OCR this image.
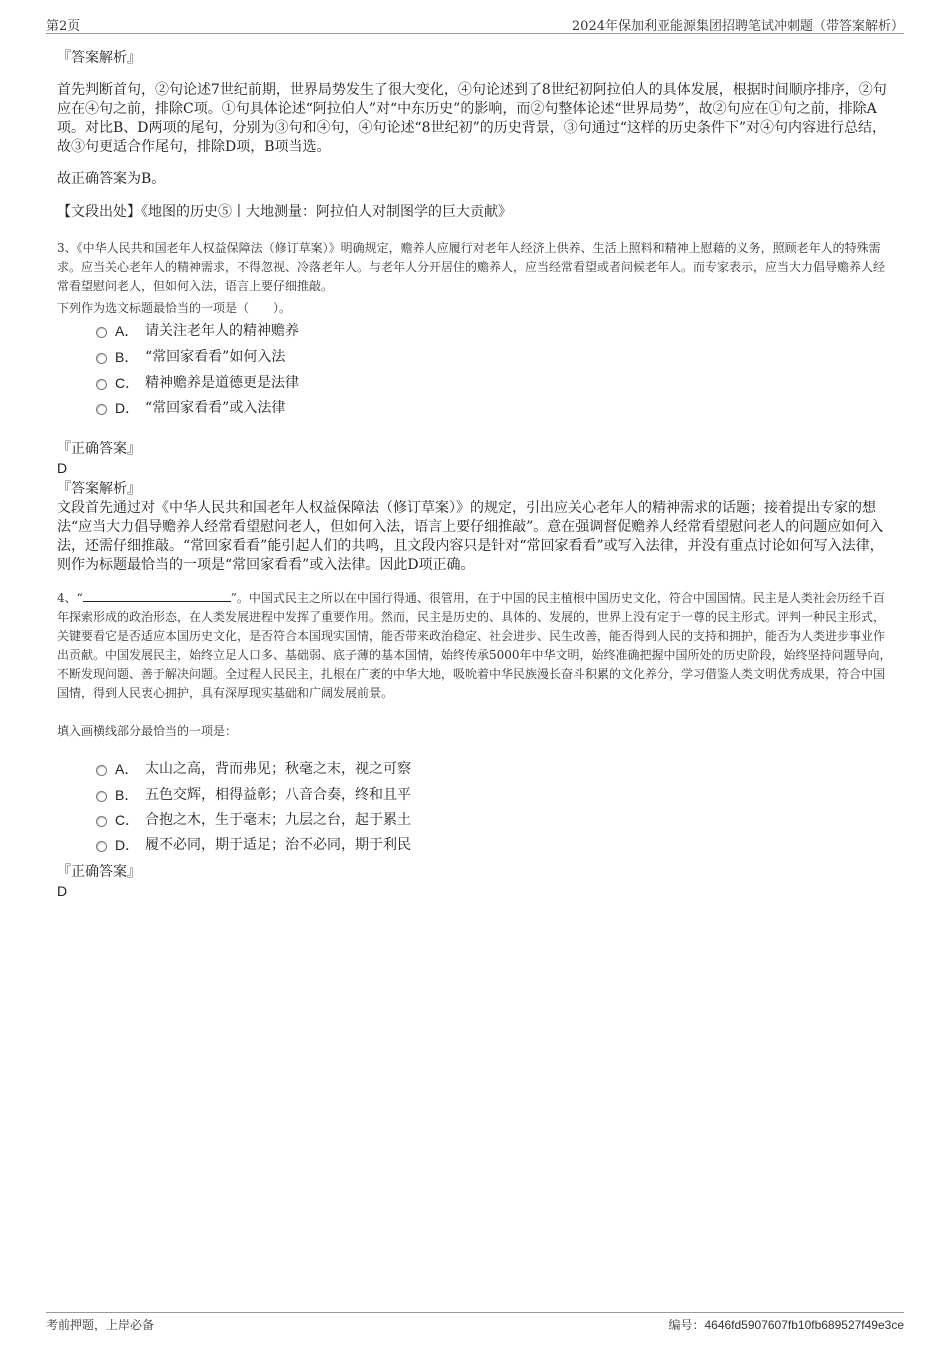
第2页	2024年保加利亚能源集团招聘笔试冲刺题（带答案解析）
『答案解析』
首先判断首句，②句论述7世纪前期，世界局势发生了很大变化，④句论述到了8世纪初阿拉伯人的具体发展，根据时间顺序排序，②句应在④句之前，排除C项。①句具体论述“阿拉伯人”对“中东历史”的影响，而②句整体论述“世界局势”，故②句应在①句之前，排除A项。对比B、D两项的尾句，分别为③句和④句，④句论述“8世纪初”的历史背景，③句通过“这样的历史条件下”对④句内容进行总结，故③句更适合作尾句，排除D项，B项当选。
故正确答案为B。
【文段出处】《地图的历史⑤丨大地测量：阿拉伯人对制图学的巨大贡献》
3、《中华人民共和国老年人权益保障法（修订草案）》明确规定，赡养人应履行对老年人经济上供养、生活上照料和精神上慰藉的义务，照顾老年人的特殊需求。应当关心老年人的精神需求，不得忽视、冷落老年人。与老年人分开居住的赡养人，应当经常看望或者问候老年人。而专家表示，应当大力倡导赡养人经常看望慰问老人，但如何入法，语言上要仔细推敲。
下列作为选文标题最恰当的一项是（　　）。
A． 请关注老年人的精神赡养
B． “常回家看看”如何入法
C． 精神赡养是道德更是法律
D． “常回家看看”或入法律
『正确答案』
D
『答案解析』
文段首先通过对《中华人民共和国老年人权益保障法（修订草案）》的规定，引出应关心老年人的精神需求的话题；接着提出专家的想法“应当大力倡导赡养人经常看望慰问老人，但如何入法，语言上要仔细推敲”。意在强调督促赡养人经常看望慰问老人的问题应如何入法，还需仔细推敲。“常回家看看”能引起人们的共鸣，且文段内容只是针对“常回家看看”或写入法律，并没有重点讨论如何写入法律，则作为标题最恰当的一项是“常回家看看”或入法律。因此D项正确。
4、“	”。中国式民主之所以在中国行得通、很管用，在于中国的民主植根中国历史文化，符合中国国情。民主是人类社会历经千百年探索形成的政治形态，在人类发展进程中发挥了重要作用。然而，民主是历史的、具体的、发展的，世界上没有定于一尊的民主形式。评判一种民主形式，关键要看它是否适应本国历史文化，是否符合本国现实国情，能否带来政治稳定、社会进步、民生改善，能否得到人民的支持和拥护，能否为人类进步事业作出贡献。中国发展民主，始终立足人口多、基础弱、底子薄的基本国情，始终传承5000年中华文明，始终准确把握中国所处的历史阶段，始终坚持问题导向，不断发现问题、善于解决问题。全过程人民民主，扎根在广袤的中华大地，吸吮着中华民族漫长奋斗积累的文化养分，学习借鉴人类文明优秀成果，符合中国国情，得到人民衷心拥护，具有深厚现实基础和广阔发展前景。
填入画横线部分最恰当的一项是：
A． 太山之高，背而弗见；秋毫之末，视之可察
B． 五色交辉，相得益彰；八音合奏，终和且平
C． 合抱之木，生于毫末；九层之台，起于累土
D． 履不必同，期于适足；治不必同，期于利民
『正确答案』
D
考前押题，上岸必备	编号：4646fd5907607fb10fb689527f49e3ce
